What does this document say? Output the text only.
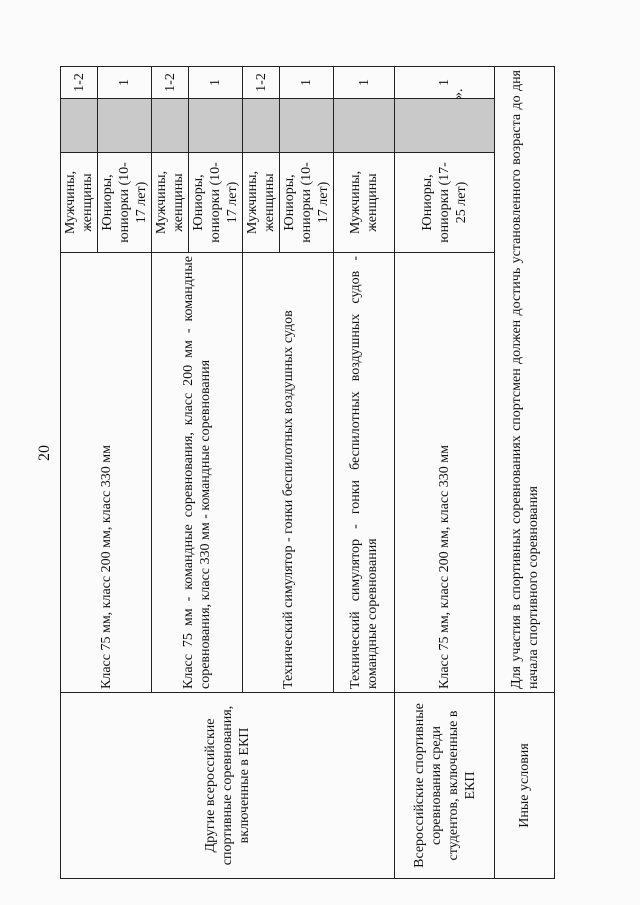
20
Другие всероссийские спортивные соревнования, включенные в ЕКП	Класс 75 мм, класс 200 мм, класс 330 мм	Мужчины, женщины		1-2
		Юниоры, юниорки (10-17 лет)		1
	Класс 75 мм - командные соревнования, класс 200 мм - командные соревнования, класс 330 мм - командные соревнования	Мужчины, женщины		1-2
		Юниоры, юниорки (10-17 лет)		1
	Технический симулятор - гонки беспилотных воздушных судов	Мужчины, женщины		1-2
		Юниоры, юниорки (10-17 лет)		1
	Технический симулятор - гонки беспилотных воздушных судов - командные соревнования	Мужчины, женщины		1
Всероссийские спортивные соревнования среди студентов, включенные в ЕКП	Класс 75 мм, класс 200 мм, класс 330 мм	Юниоры, юниорки (17-25 лет)		1
Иные условия	Для участия в спортивных соревнованиях спортсмен должен достичь установленного возраста до дня начала спортивного соревнования			
».
